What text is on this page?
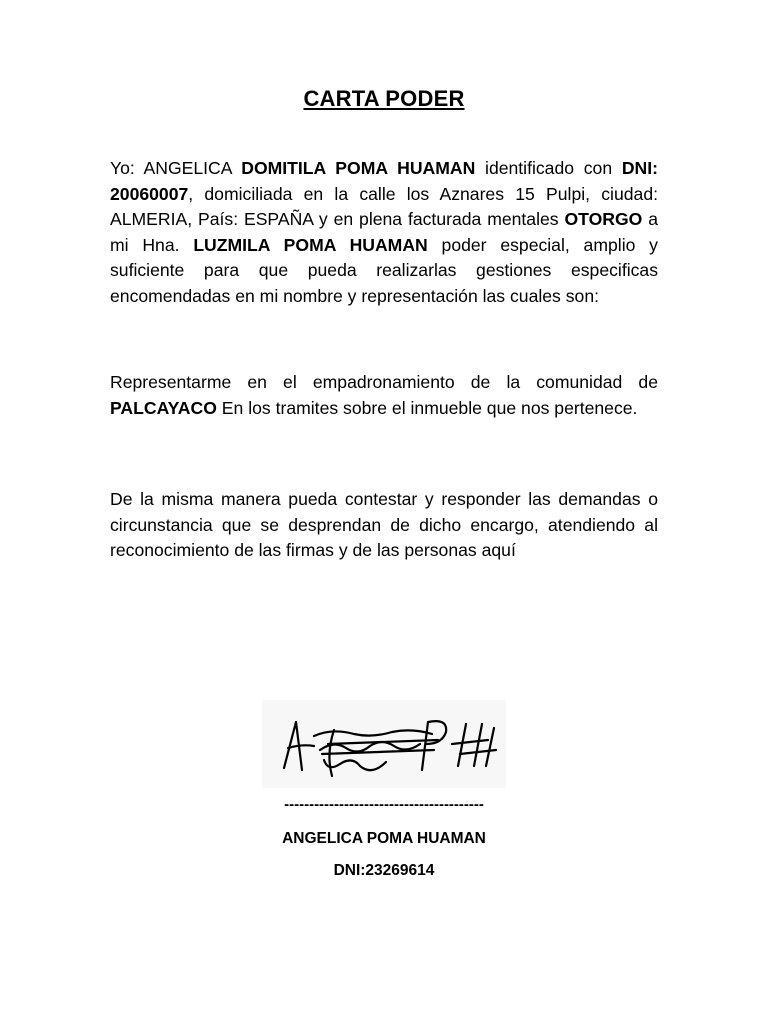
CARTA PODER
Yo: ANGELICA DOMITILA POMA HUAMAN identificado con DNI: 20060007, domiciliada en la calle los Aznares 15 Pulpi, ciudad: ALMERIA, País: ESPAÑA y en plena facturada mentales OTORGO a mi Hna. LUZMILA POMA HUAMAN poder especial, amplio y suficiente para que pueda realizarlas gestiones especificas encomendadas en mi nombre y representación las cuales son:
Representarme en el empadronamiento de la comunidad de PALCAYACO En los tramites sobre el inmueble que nos pertenece.
De la misma manera pueda contestar y responder las demandas o circunstancia que se desprendan de dicho encargo, atendiendo al reconocimiento de las firmas y de las personas aquí
----------------------------------------
ANGELICA POMA HUAMAN
DNI:23269614
